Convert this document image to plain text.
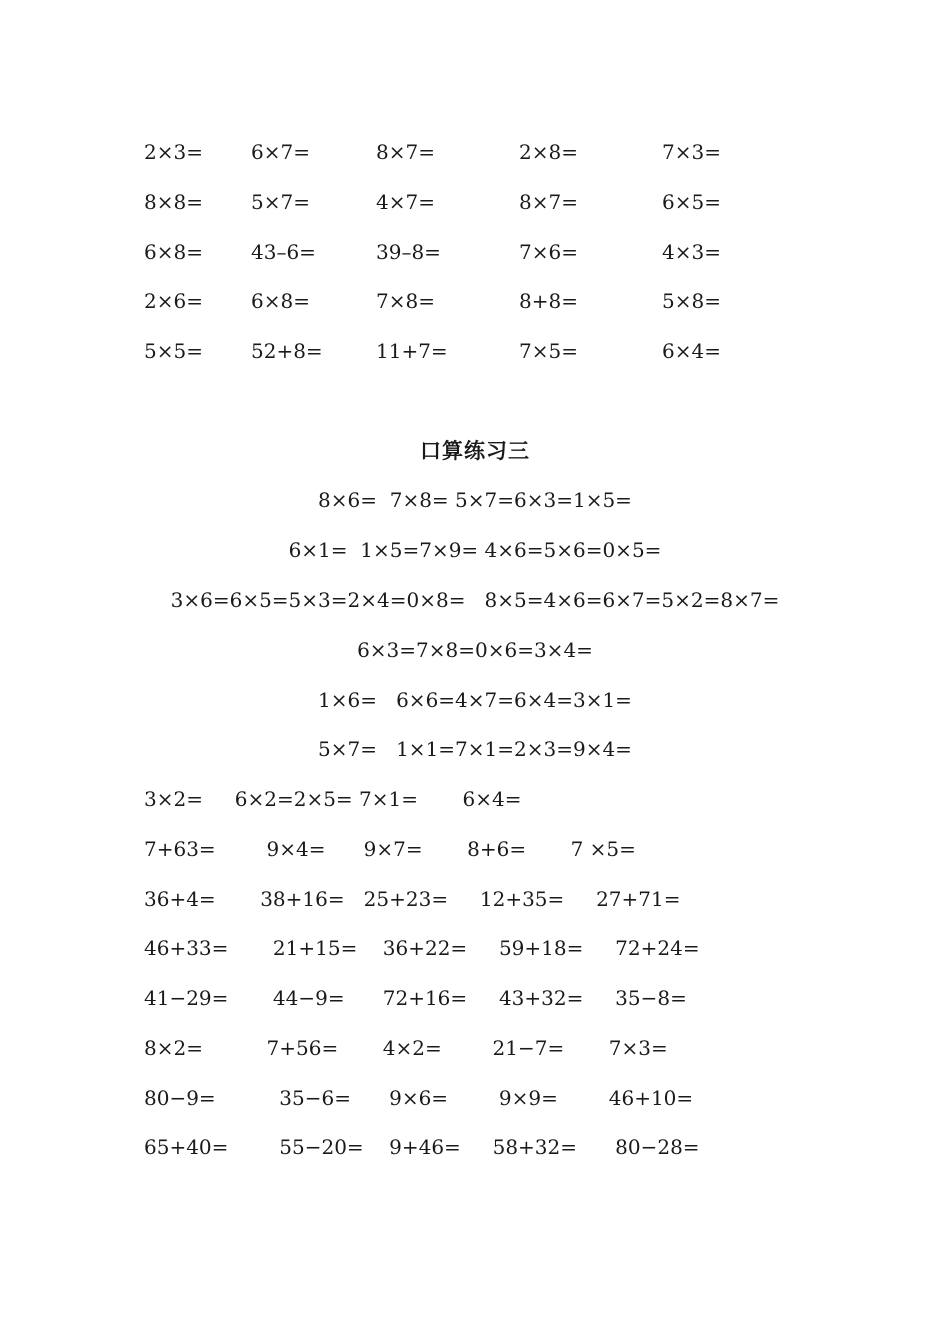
2×3= 6×7=	8×7=	2×8=	7×3=
8×8= 5×7=	4×7=	8×7=	6×5=
6×8= 43–6=	39–8=	7×6=	4×3=
2×6= 6×8=	7×8=	8+8=	5×8=
5×5= 52+8=	11+7=	7×5=	6×4=
口算练习三
8×6=  7×8= 5×7=6×3=1×5=
6×1=  1×5=7×9= 4×6=5×6=0×5=
3×6=6×5=5×3=2×4=0×8=   8×5=4×6=6×7=5×2=8×7=
6×3=7×8=0×6=3×4=
1×6=   6×6=4×7=6×4=3×1=
5×7=   1×1=7×1=2×3=9×4=
3×2=     6×2=2×5= 7×1=       6×4=
7+63=        9×4=      9×7=       8+6=       7 ×5=
36+4=       38+16=   25+23=     12+35=     27+71=
46+33=       21+15=    36+22=     59+18=     72+24=
41−29=       44−9=      72+16=     43+32=     35−8=
8×2=          7+56=       4×2=        21−7=       7×3=
80−9=          35−6=      9×6=        9×9=        46+10=
65+40=        55−20=    9+46=     58+32=      80−28=
